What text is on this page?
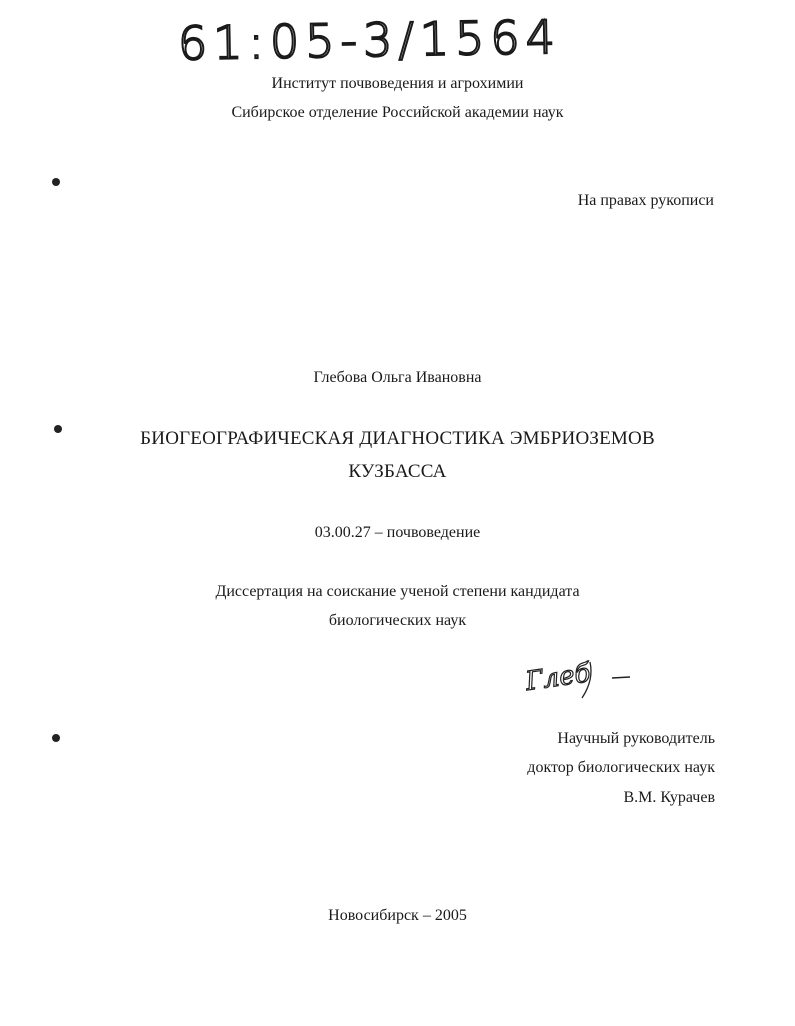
61:05-3/1564
Институт почвоведения и агрохимии
Сибирское отделение Российской академии наук
На правах рукописи
Глебова Ольга Ивановна
БИОГЕОГРАФИЧЕСКАЯ ДИАГНОСТИКА ЭМБРИОЗЕМОВ
КУЗБАССА
03.00.27 – почвоведение
Диссертация на соискание ученой степени кандидата
биологических наук
Глеб
Научный руководитель
доктор биологических наук
В.М. Курачев
Новосибирск – 2005
